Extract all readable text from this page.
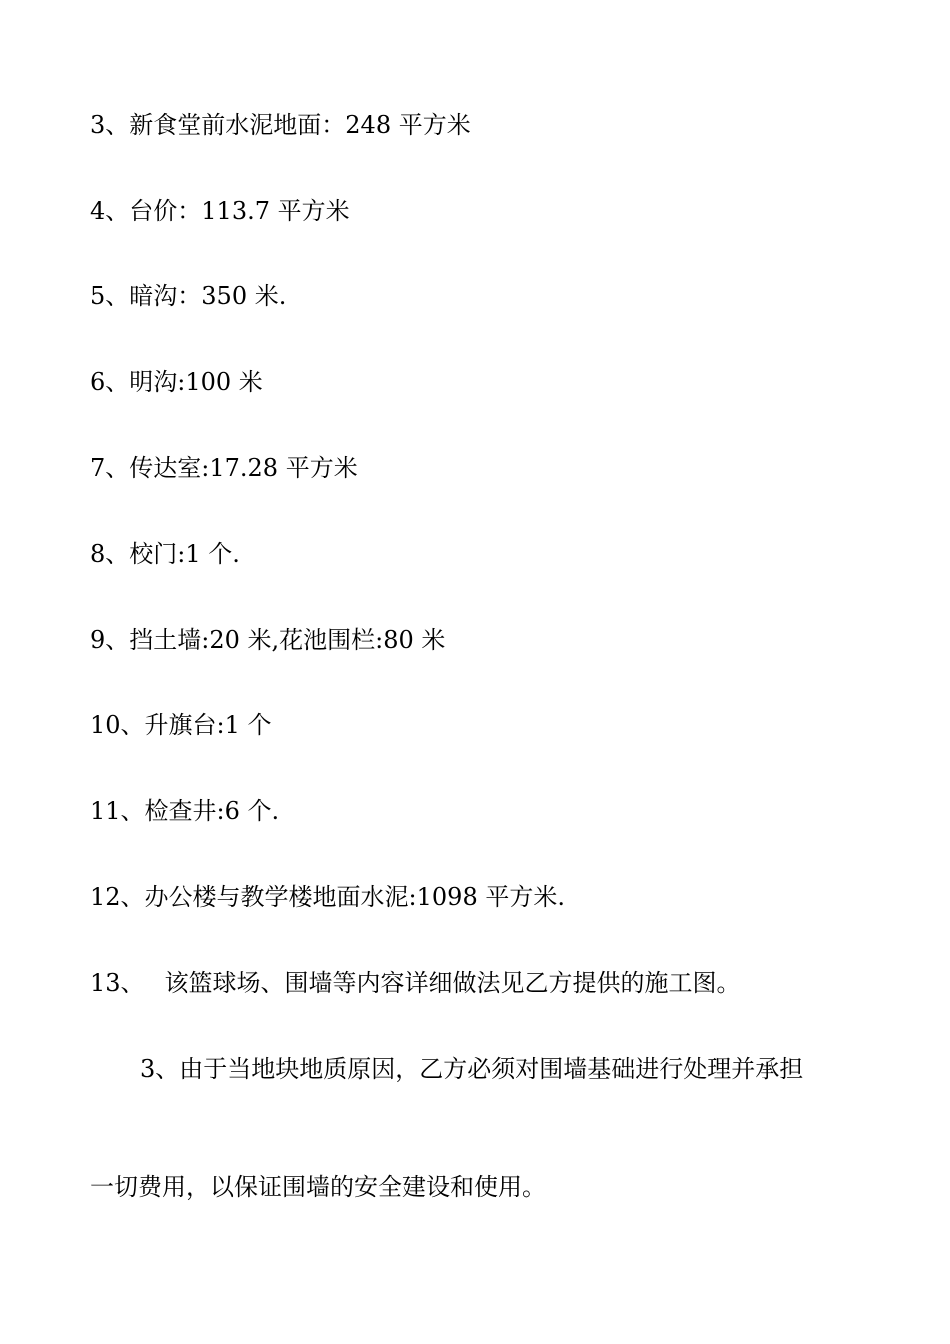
3、新食堂前水泥地面：248 平方米
4、台价：113.7 平方米
5、暗沟：350 米.
6、明沟:100 米
7、传达室:17.28 平方米
8、校门:1 个.
9、挡土墙:20 米,花池围栏:80 米
10、升旗台:1 个
11、检查井:6 个.
12、办公楼与教学楼地面水泥:1098 平方米.
13、 该篮球场、围墙等内容详细做法见乙方提供的施工图。
3、由于当地块地质原因，乙方必须对围墙基础进行处理并承担
一切费用，以保证围墙的安全建设和使用。
